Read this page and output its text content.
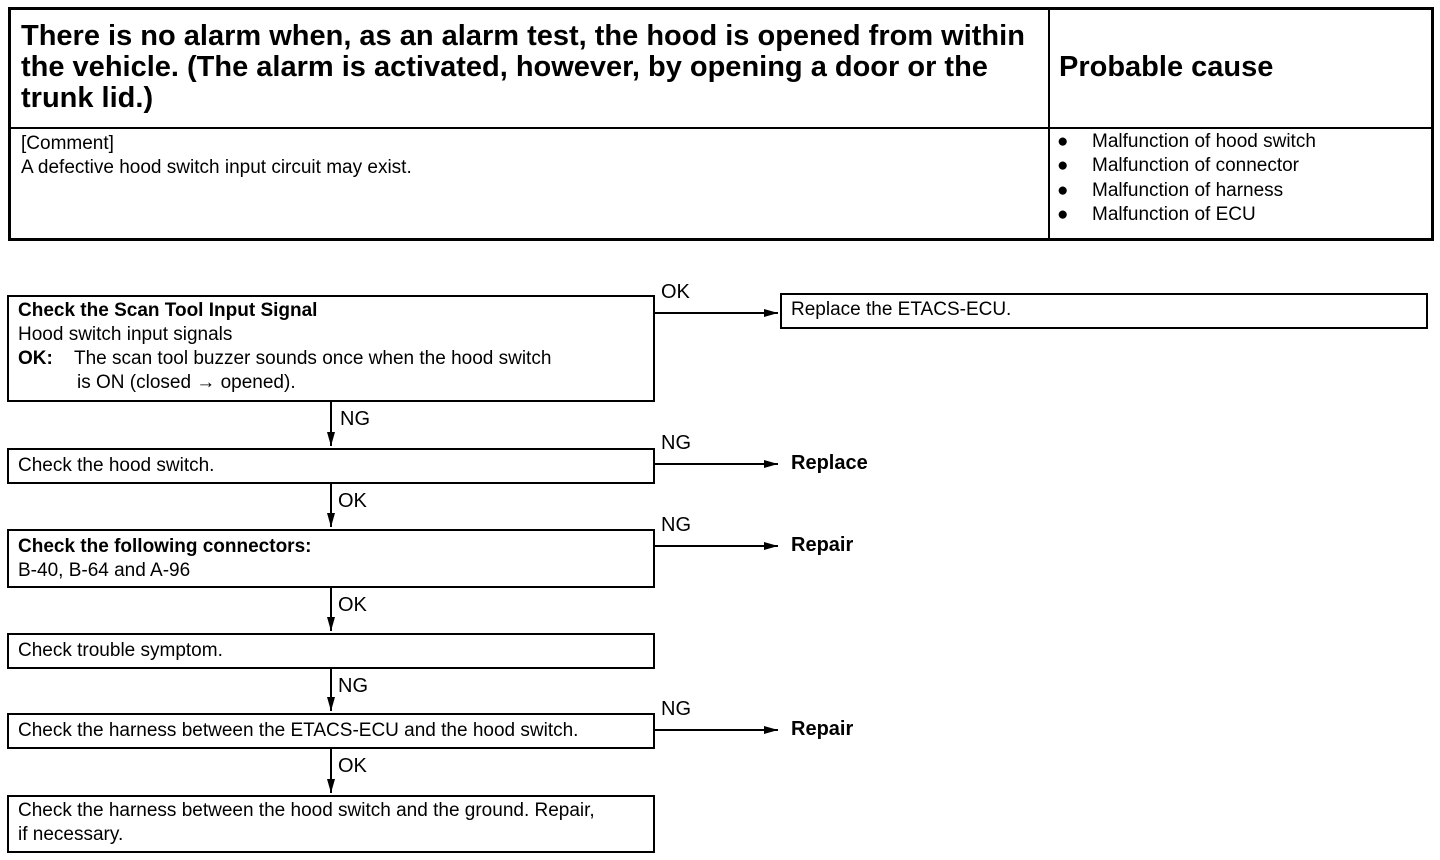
There is no alarm when, as an alarm test, the hood is opened from within the vehicle. (The alarm is activated, however, by opening a door or the trunk lid.)
Probable cause
[Comment]
A defective hood switch input circuit may exist.
● Malfunction of hood switch
● Malfunction of connector
● Malfunction of harness
● Malfunction of ECU
Check the Scan Tool Input Signal
Hood switch input signals
OK: The scan tool buzzer sounds once when the hood switch
is ON (closed → opened).
Replace the ETACS-ECU.
Check the hood switch.
Check the following connectors:
B-40, B-64 and A-96
Check trouble symptom.
Check the harness between the ETACS-ECU and the hood switch.
Check the harness between the hood switch and the ground. Repair,
if necessary.
Replace
Repair
Repair
OK
NG
NG
OK
NG
OK
NG
NG
OK
